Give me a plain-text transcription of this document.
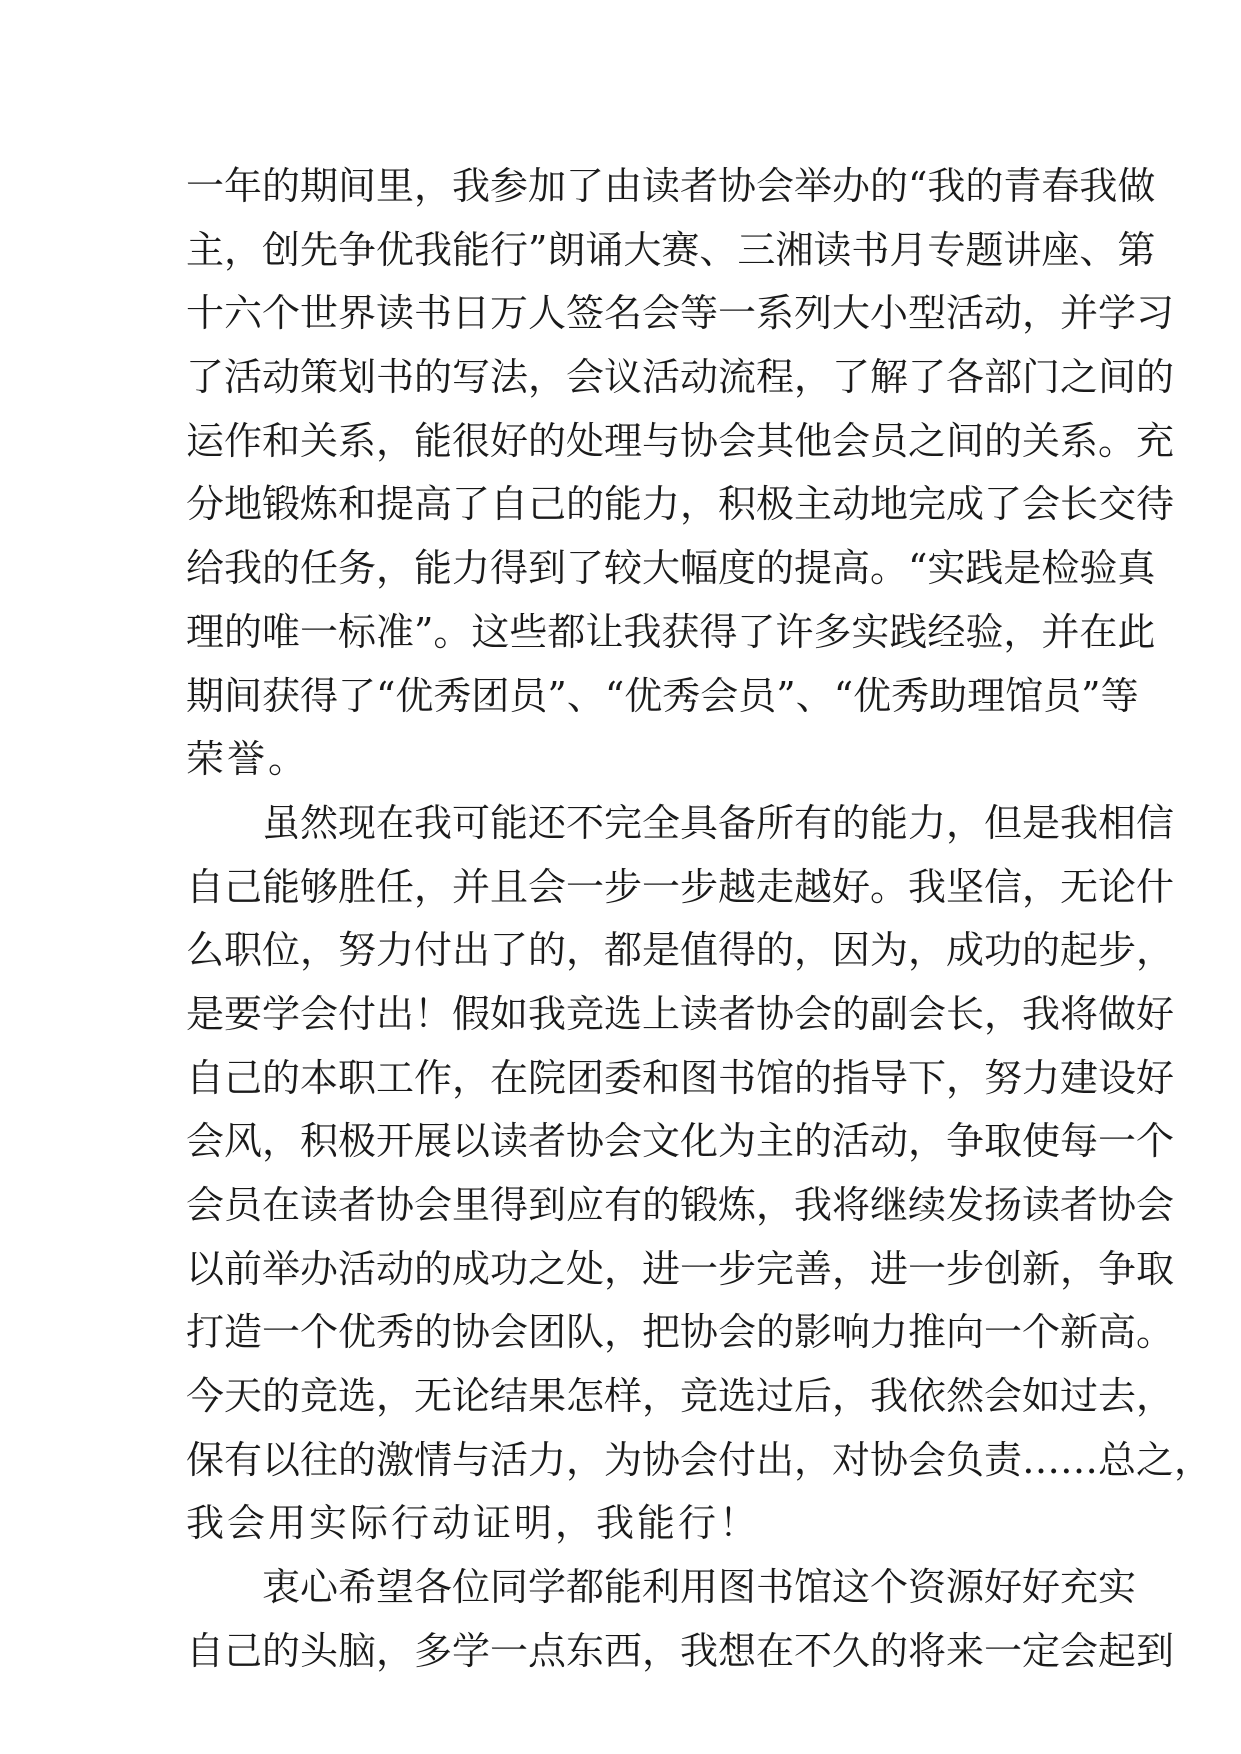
一年的期间里，我参加了由读者协会举办的“我的青春我做
主，创先争优我能行”朗诵大赛、三湘读书月专题讲座、第
十六个世界读书日万人签名会等一系列大小型活动，并学习
了活动策划书的写法，会议活动流程，了解了各部门之间的
运作和关系，能很好的处理与协会其他会员之间的关系。充
分地锻炼和提高了自己的能力，积极主动地完成了会长交待
给我的任务，能力得到了较大幅度的提高。“实践是检验真
理的唯一标准”。这些都让我获得了许多实践经验，并在此
期间获得了“优秀团员”、“优秀会员”、“优秀助理馆员”等
荣誉。
虽然现在我可能还不完全具备所有的能力，但是我相信
自己能够胜任，并且会一步一步越走越好。我坚信，无论什
么职位，努力付出了的，都是值得的，因为，成功的起步，
是要学会付出！假如我竞选上读者协会的副会长，我将做好
自己的本职工作，在院团委和图书馆的指导下，努力建设好
会风，积极开展以读者协会文化为主的活动，争取使每一个
会员在读者协会里得到应有的锻炼，我将继续发扬读者协会
以前举办活动的成功之处，进一步完善，进一步创新，争取
打造一个优秀的协会团队，把协会的影响力推向一个新高。
今天的竞选，无论结果怎样，竞选过后，我依然会如过去，
保有以往的激情与活力，为协会付出，对协会负责……总之，
我会用实际行动证明，我能行！
衷心希望各位同学都能利用图书馆这个资源好好充实
自己的头脑，多学一点东西，我想在不久的将来一定会起到
